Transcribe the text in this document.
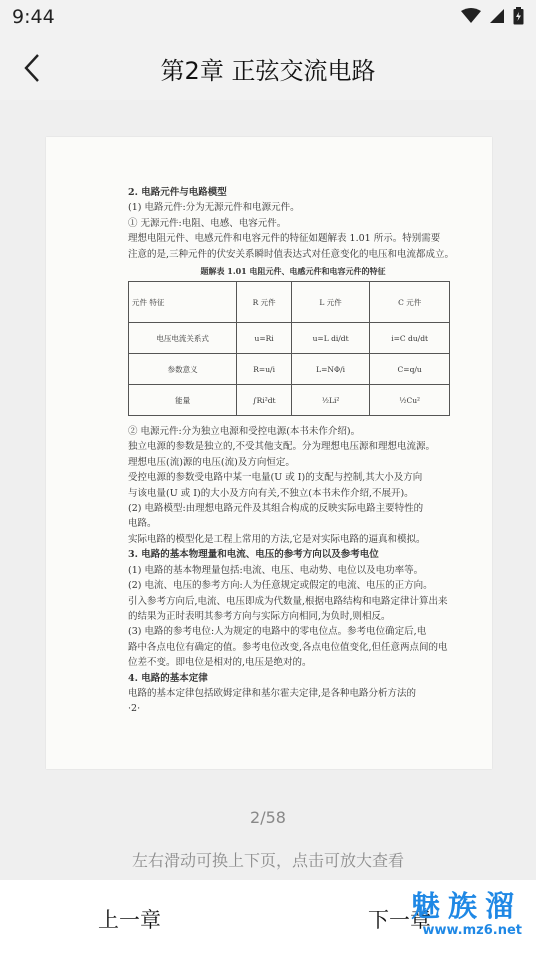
9:44
第2章 正弦交流电路
2. 电路元件与电路模型
(1) 电路元件:分为无源元件和电源元件。
① 无源元件:电阻、电感、电容元件。
理想电阻元件、电感元件和电容元件的特征如题解表 1.01 所示。特别需要
注意的是,三种元件的伏安关系瞬时值表达式对任意变化的电压和电流都成立。
题解表 1.01 电阻元件、电感元件和电容元件的特征
元件 特征	R 元件	L 元件	C 元件
电压电流关系式	u=Ri	u=L di/dt	i=C du/dt
参数意义	R=u/i	L=NΦ/i	C=q/u
能量	∫Ri²dt	½Li²	½Cu²
② 电源元件:分为独立电源和受控电源(本书未作介绍)。
独立电源的参数是独立的,不受其他支配。分为理想电压源和理想电流源。
理想电压(流)源的电压(流)及方向恒定。
受控电源的参数受电路中某一电量(U 或 I)的支配与控制,其大小及方向
与该电量(U 或 I)的大小及方向有关,不独立(本书未作介绍,不展开)。
(2) 电路模型:由理想电路元件及其组合构成的反映实际电路主要特性的
电路。
实际电路的模型化是工程上常用的方法,它是对实际电路的逼真和模拟。
3. 电路的基本物理量和电流、电压的参考方向以及参考电位
(1) 电路的基本物理量包括:电流、电压、电动势、电位以及电功率等。
(2) 电流、电压的参考方向:人为任意规定或假定的电流、电压的正方向。
引入参考方向后,电流、电压即成为代数量,根据电路结构和电路定律计算出来
的结果为正时表明其参考方向与实际方向相同,为负时,则相反。
(3) 电路的参考电位:人为规定的电路中的零电位点。参考电位确定后,电
路中各点电位有确定的值。参考电位改变,各点电位值变化,但任意两点间的电
位差不变。即电位是相对的,电压是绝对的。
4. 电路的基本定律
电路的基本定律包括欧姆定律和基尔霍夫定律,是各种电路分析方法的
·2·
2/58
左右滑动可换上下页，点击可放大查看
上一章	下一章
魅族溜
www.mz6.net
